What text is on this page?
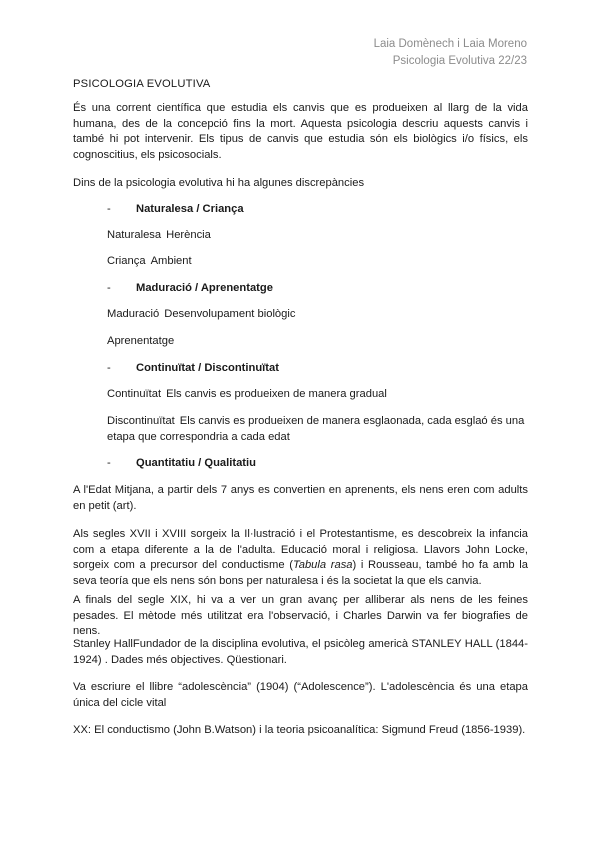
Laia Domènech i Laia Moreno
Psicologia Evolutiva 22/23
PSICOLOGIA EVOLUTIVA
És una corrent científica que estudia els canvis que es produeixen al llarg de la vida humana, des de la concepció fins la mort. Aquesta psicologia descriu aquests canvis i també hi pot intervenir. Els tipus de canvis que estudia són els biològics i/o físics, els cognoscitius, els psicosocials.
Dins de la psicologia evolutiva hi ha algunes discrepàncies
- Naturalesa / Criança
Naturalesa Herència
Criança Ambient
- Maduració / Aprenentatge
Maduració Desenvolupament biològic
Aprenentatge
- Continuïtat / Discontinuïtat
Continuïtat Els canvis es produeixen de manera gradual
Discontinuïtat Els canvis es produeixen de manera esglaonada, cada esglaó és una etapa que correspondria a cada edat
- Quantitatiu / Qualitatiu
A l'Edat Mitjana, a partir dels 7 anys es convertien en aprenents, els nens eren com adults en petit (art).
Als segles XVII i XVIII sorgeix la Il·lustració i el Protestantisme, es descobreix la infancia com a etapa diferente a la de l'adulta. Educació moral i religiosa. Llavors John Locke, sorgeix com a precursor del conductisme (Tabula rasa) i Rousseau, també ho fa amb la seva teoría que els nens són bons per naturalesa i és la societat la que els canvia.
A finals del segle XIX, hi va a ver un gran avanç per alliberar als nens de les feines pesades. El mètode més utilitzat era l'observació, i Charles Darwin va fer biografies de nens.
Stanley HallFundador de la disciplina evolutiva, el psicòleg americà STANLEY HALL (1844-1924) . Dades més objectives. Qüestionari.
Va escriure el llibre “adolescència” (1904) (“Adolescence”). L'adolescència és una etapa única del cicle vital
XX: El conductismo (John B.Watson) i la teoria psicoanalítica: Sigmund Freud (1856-1939).
